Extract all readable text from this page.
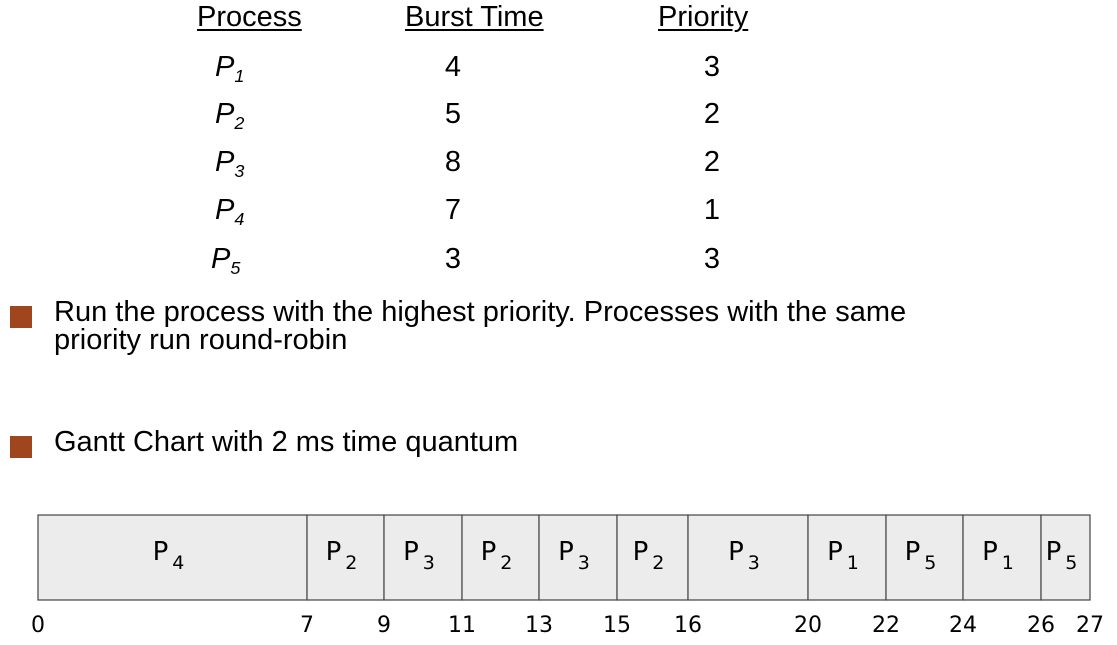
Process	Burst Time	Priority
$P_1$	4	3
$P_2$	5	2
$P_3$	8	2
$P_4$	7	1
$P_5$	3	3
Run the process with the highest priority. Processes with the same
priority run round-robin
Gantt Chart with 2 ms time quantum
P $_4$	P $_2$ P $_3$ P $_2$ P $_3$ P $_2$ P $_3$	P $_1$ P $_5$ P $_1$ P $_5$
0	7	9	11 13 15 16	20 22 24 26 27
